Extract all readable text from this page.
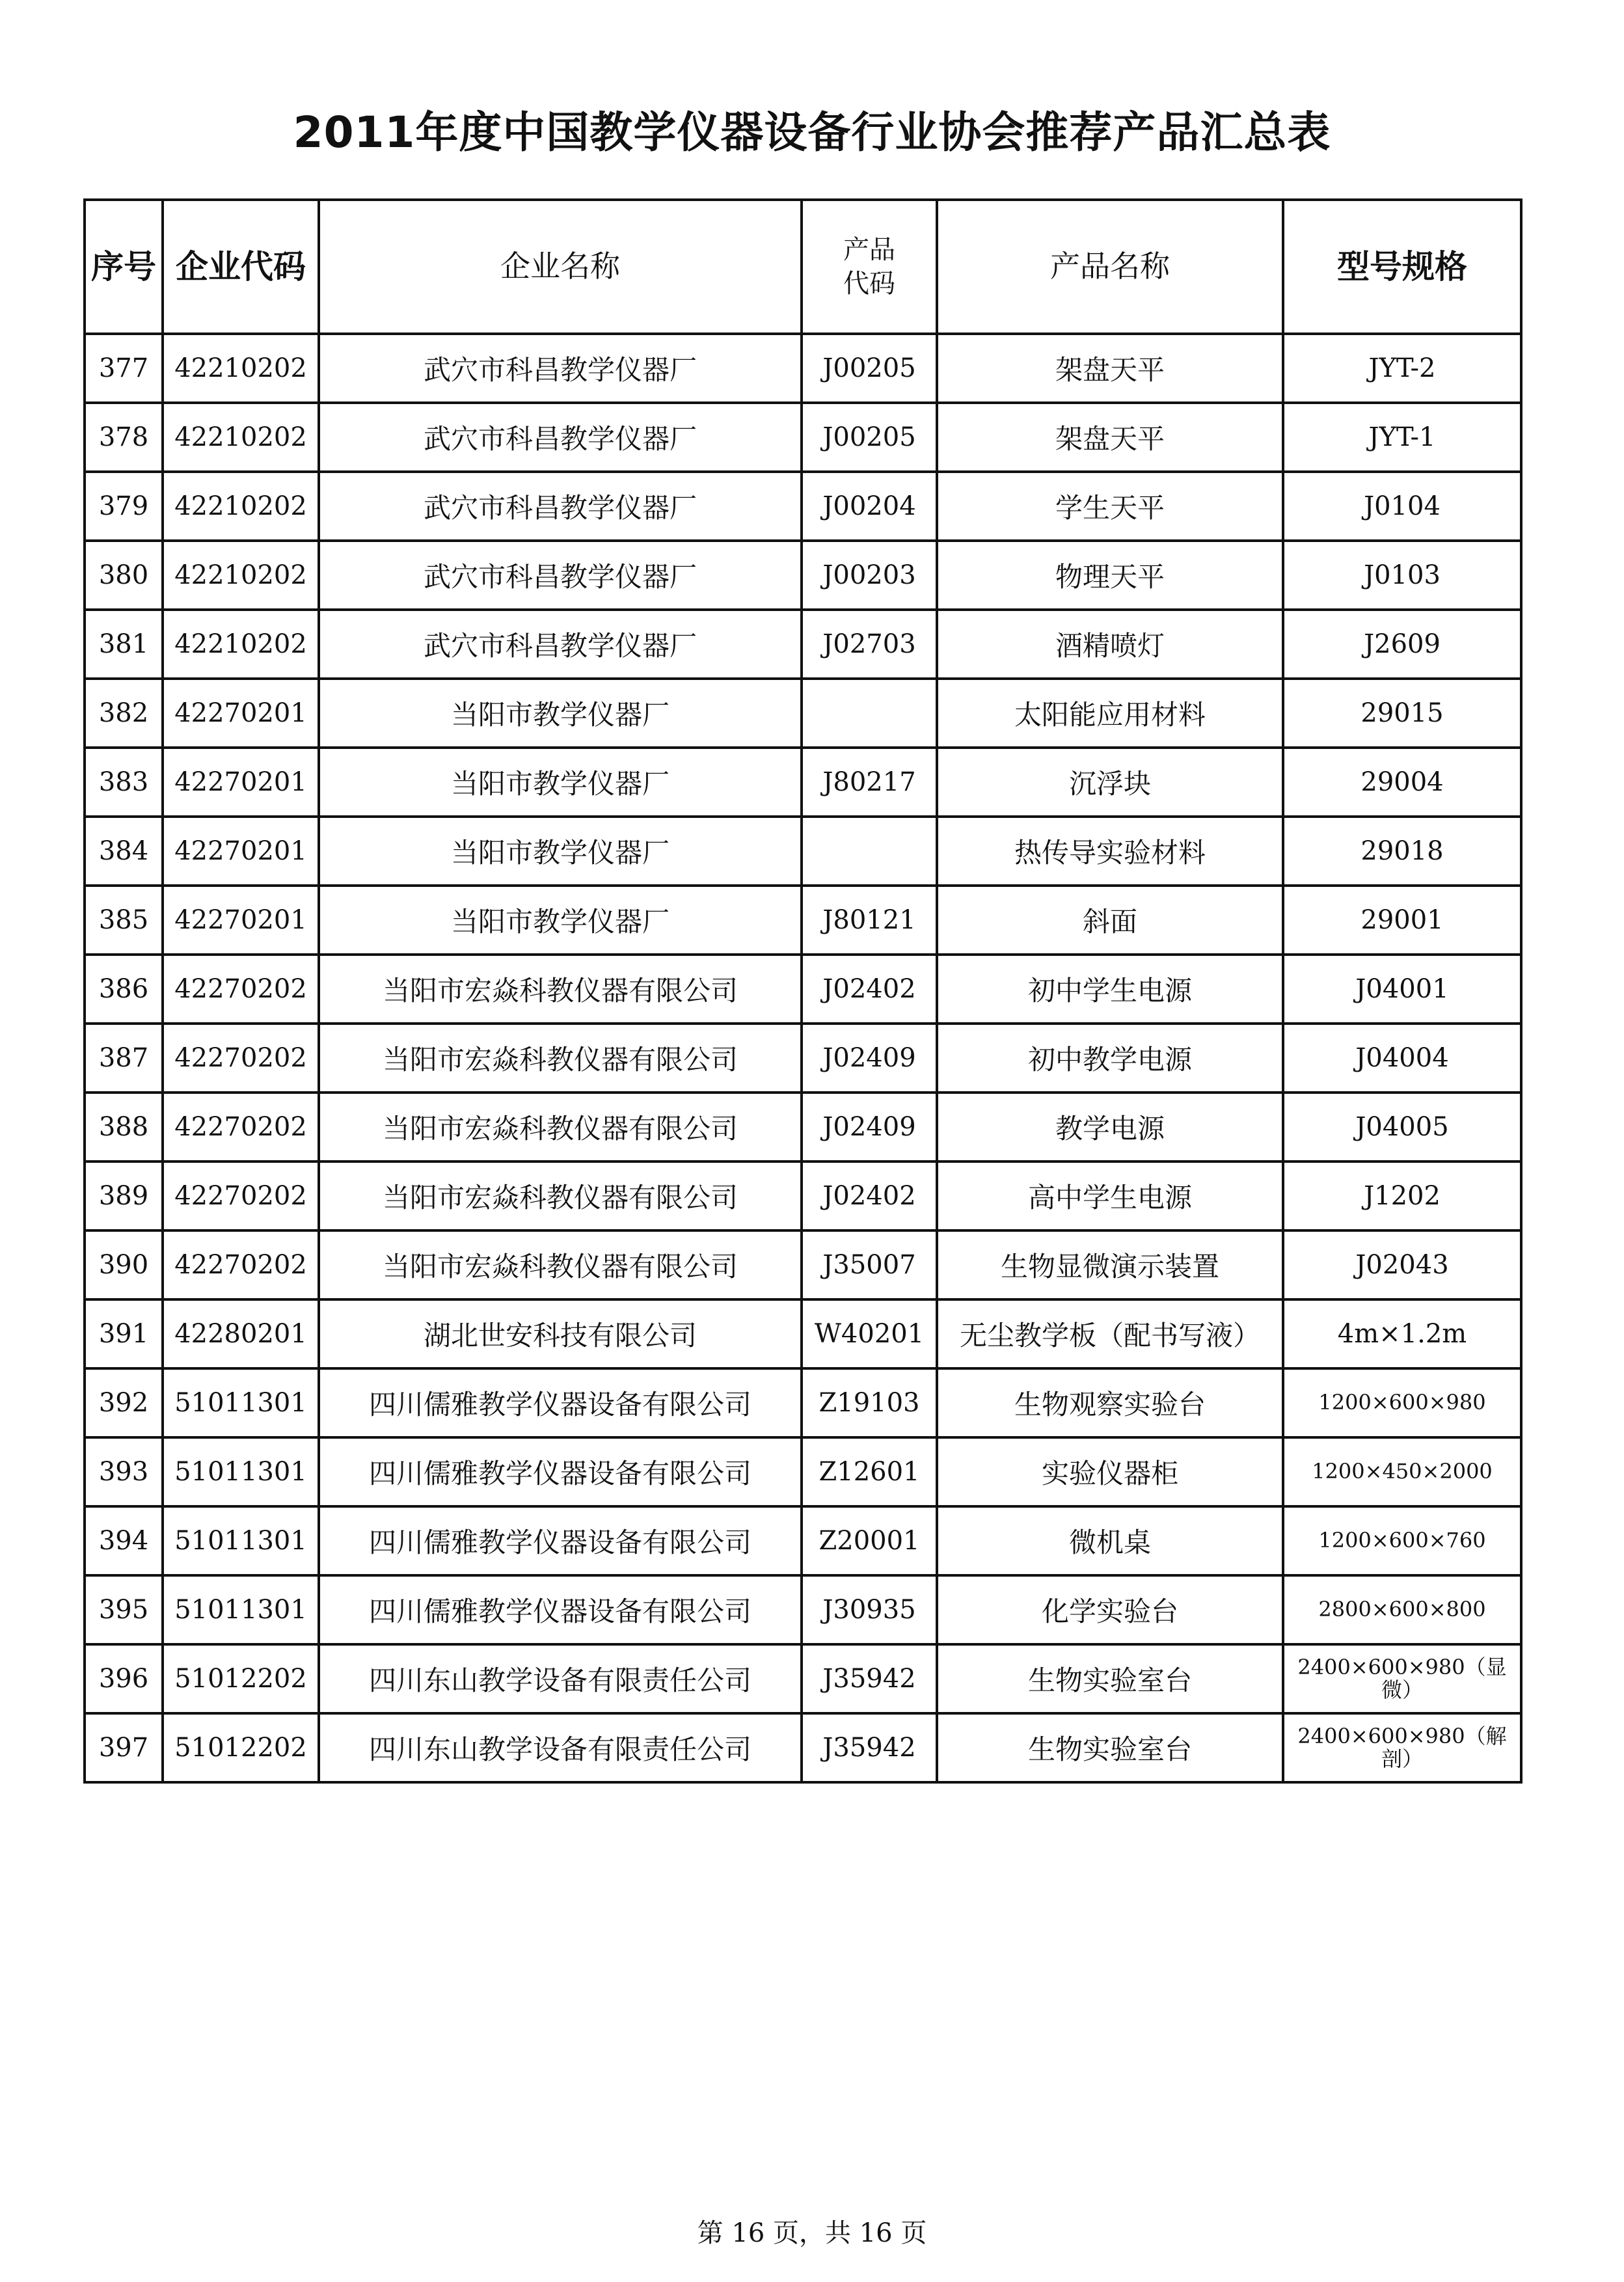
2011年度中国教学仪器设备行业协会推荐产品汇总表
序号	企业代码	企业名称	产品代码	产品名称	型号规格
377	42210202	武穴市科昌教学仪器厂	J00205	架盘天平	JYT-2
378	42210202	武穴市科昌教学仪器厂	J00205	架盘天平	JYT-1
379	42210202	武穴市科昌教学仪器厂	J00204	学生天平	J0104
380	42210202	武穴市科昌教学仪器厂	J00203	物理天平	J0103
381	42210202	武穴市科昌教学仪器厂	J02703	酒精喷灯	J2609
382	42270201	当阳市教学仪器厂		太阳能应用材料	29015
383	42270201	当阳市教学仪器厂	J80217	沉浮块	29004
384	42270201	当阳市教学仪器厂		热传导实验材料	29018
385	42270201	当阳市教学仪器厂	J80121	斜面	29001
386	42270202	当阳市宏焱科教仪器有限公司	J02402	初中学生电源	J04001
387	42270202	当阳市宏焱科教仪器有限公司	J02409	初中教学电源	J04004
388	42270202	当阳市宏焱科教仪器有限公司	J02409	教学电源	J04005
389	42270202	当阳市宏焱科教仪器有限公司	J02402	高中学生电源	J1202
390	42270202	当阳市宏焱科教仪器有限公司	J35007	生物显微演示装置	J02043
391	42280201	湖北世安科技有限公司	W40201	无尘教学板（配书写液）	4m×1.2m
392	51011301	四川儒雅教学仪器设备有限公司	Z19103	生物观察实验台	1200×600×980
393	51011301	四川儒雅教学仪器设备有限公司	Z12601	实验仪器柜	1200×450×2000
394	51011301	四川儒雅教学仪器设备有限公司	Z20001	微机桌	1200×600×760
395	51011301	四川儒雅教学仪器设备有限公司	J30935	化学实验台	2800×600×800
396	51012202	四川东山教学设备有限责任公司	J35942	生物实验室台	2400×600×980（显微）
397	51012202	四川东山教学设备有限责任公司	J35942	生物实验室台	2400×600×980（解剖）
第 16 页，共 16 页
